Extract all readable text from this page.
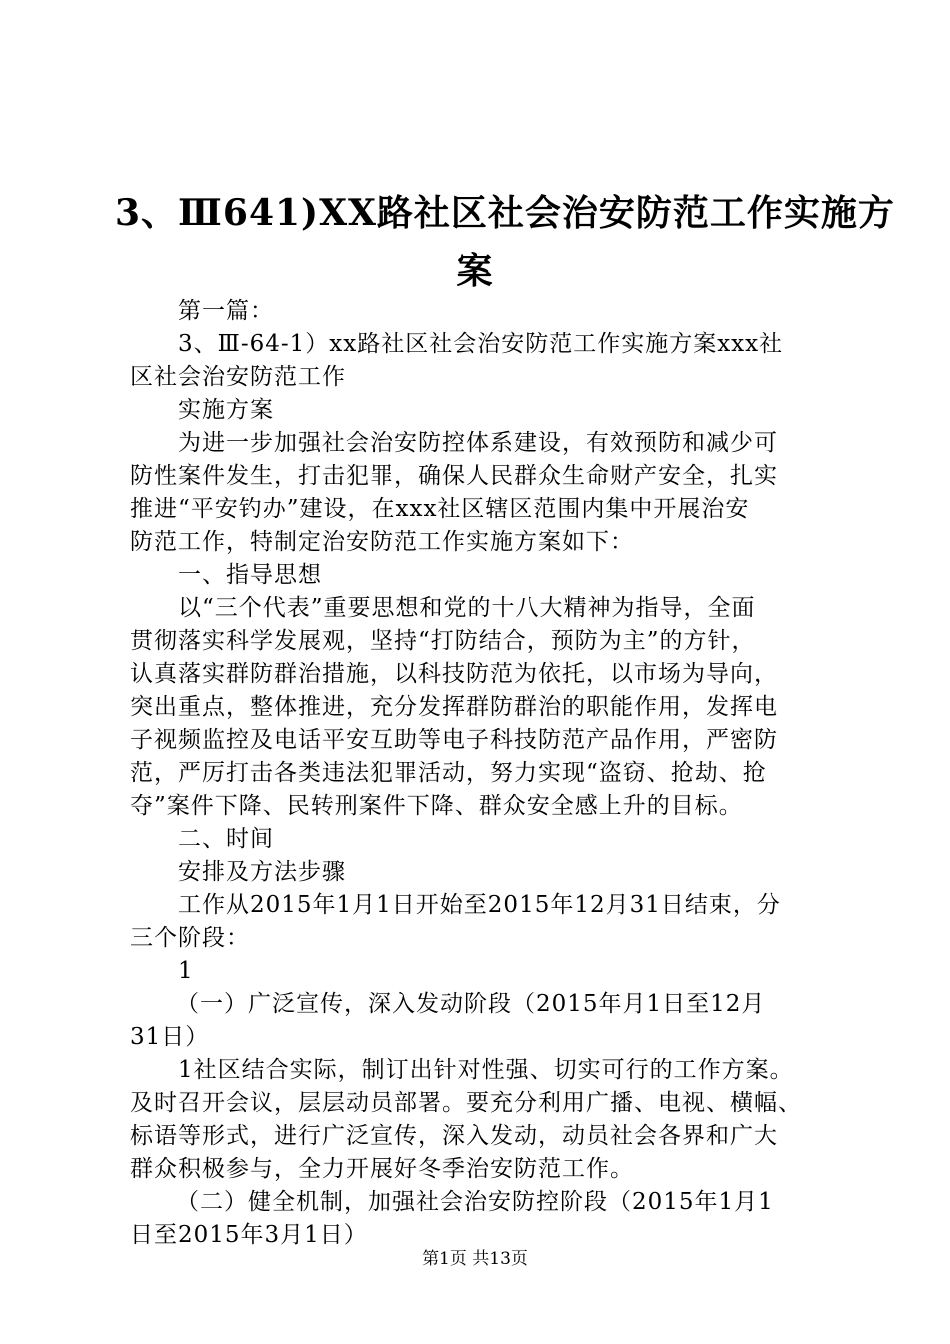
3、Ⅲ641)XX路社区社会治安防范工作实施方
案
第一篇：
3、Ⅲ-64-1）xx路社区社会治安防范工作实施方案xxx社
区社会治安防范工作
实施方案
为进一步加强社会治安防控体系建设，有效预防和减少可
防性案件发生，打击犯罪，确保人民群众生命财产安全，扎实
推进“平安钓办”建设，在xxx社区辖区范围内集中开展治安
防范工作，特制定治安防范工作实施方案如下：
一、指导思想
以“三个代表”重要思想和党的十八大精神为指导，全面
贯彻落实科学发展观，坚持“打防结合，预防为主”的方针，
认真落实群防群治措施，以科技防范为依托，以市场为导向，
突出重点，整体推进，充分发挥群防群治的职能作用，发挥电
子视频监控及电话平安互助等电子科技防范产品作用，严密防
范，严厉打击各类违法犯罪活动，努力实现“盗窃、抢劫、抢
夺”案件下降、民转刑案件下降、群众安全感上升的目标。
二、时间
安排及方法步骤
工作从2015年1月1日开始至2015年12月31日结束，分
三个阶段：
1
（一）广泛宣传，深入发动阶段（2015年月1日至12月
31日）
1社区结合实际，制订出针对性强、切实可行的工作方案。
及时召开会议，层层动员部署。要充分利用广播、电视、横幅、
标语等形式，进行广泛宣传，深入发动，动员社会各界和广大
群众积极参与，全力开展好冬季治安防范工作。
（二）健全机制，加强社会治安防控阶段（2015年1月1
日至2015年3月1日）
第1页 共13页
